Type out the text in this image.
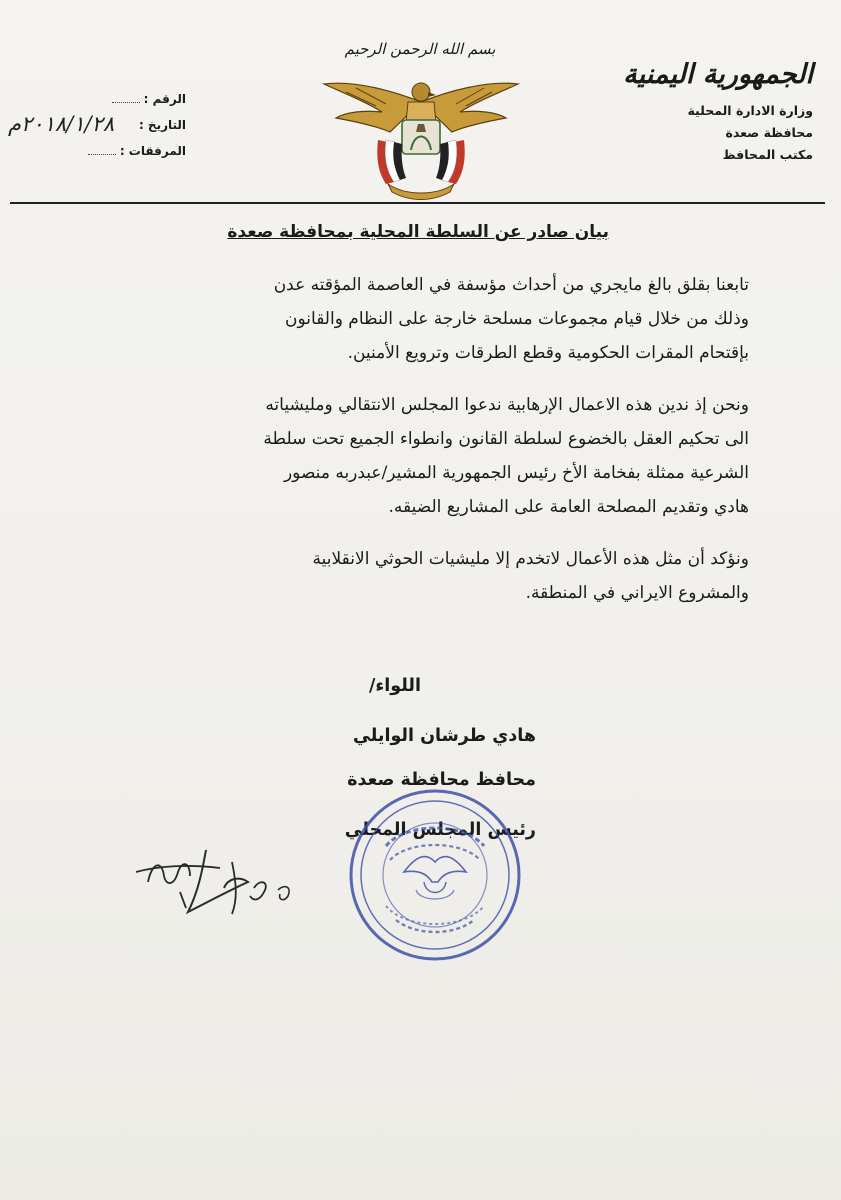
الجمهورية اليمنية
وزارة الادارة المحلية
محافظة صعدة
مكتب المحافظ
بسم الله الرحمن الرحيم
الرقم :
التاريخ :
٢٠١٨/١/٢٨م
المرفقات :
بيان صادر عن السلطة المحلية بمحافظة صعدة

تابعنا بقلق بالغ مايجري من أحداث مؤسفة في العاصمة المؤقته عدن
وذلك من خلال قيام مجموعات مسلحة خارجة على النظام والقانون
بإقتحام المقرات الحكومية وقطع الطرقات وترويع الأمنين.

ونحن إذ ندين هذه الاعمال الإرهابية ندعوا المجلس الانتقالي ومليشياته
الى تحكيم العقل بالخضوع لسلطة القانون وانطواء الجميع تحت سلطة
الشرعية ممثلة بفخامة الأخ رئيس الجمهورية المشير/عبدربه منصور
هادي وتقديم المصلحة العامة على المشاريع الضيقه.

ونؤكد أن مثل هذه الأعمال لاتخدم إلا مليشيات الحوثي الانقلابية
والمشروع الايراني في المنطقة.

اللواء/
هادي طرشان الوايلي
محافظ محافظة صعدة
رئيس المجلس المحلي
